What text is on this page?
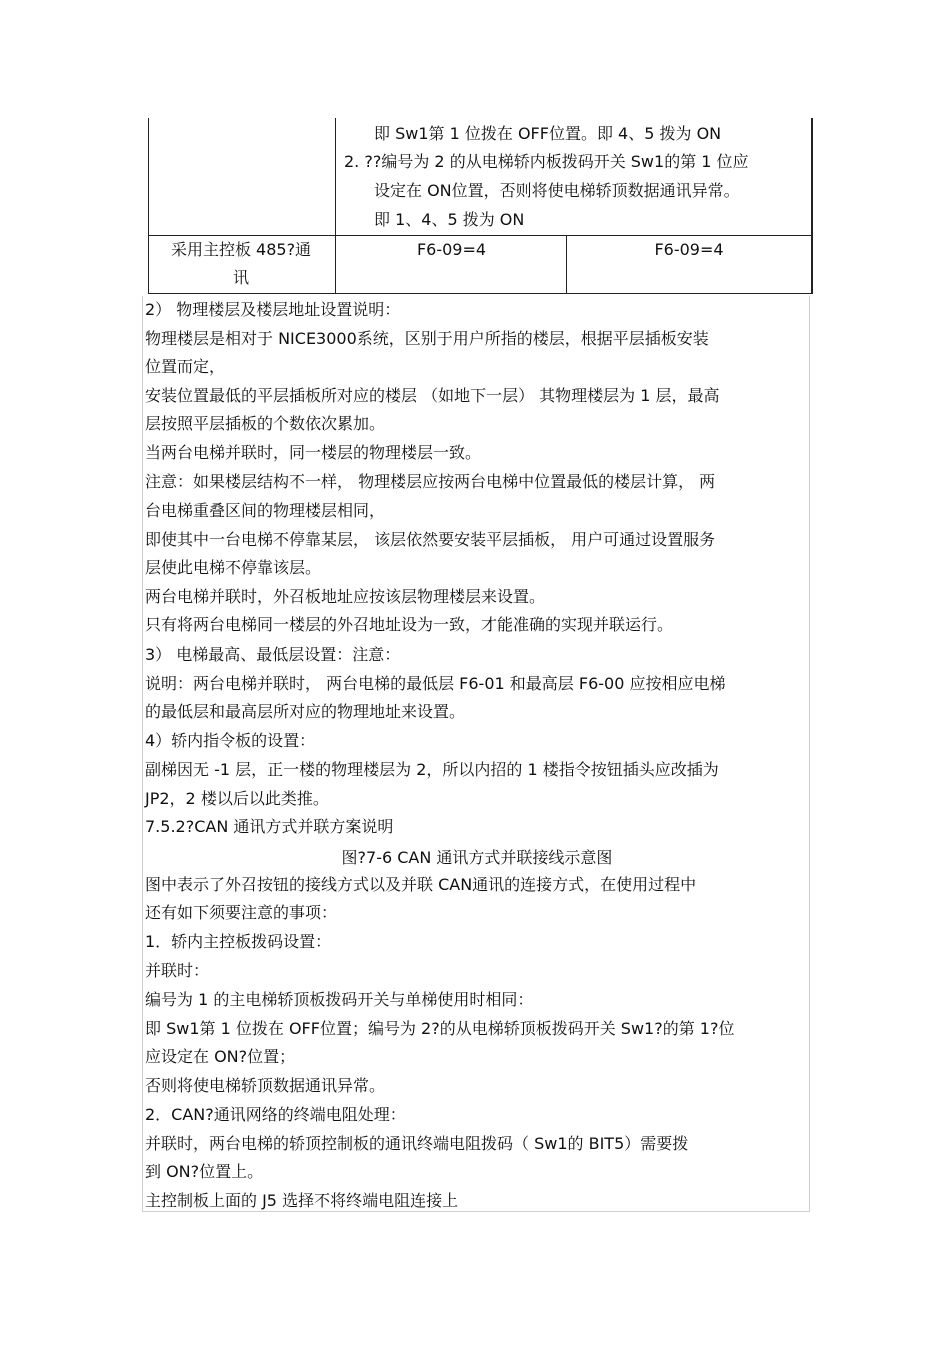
即 Sw1第 1 位拨在 OFF位置。即 4、5 拨为 ON
2. ??编号为 2 的从电梯轿内板拨码开关 Sw1的第 1 位应
设定在 ON位置，否则将使电梯轿顶数据通讯异常。
即 1、4、5 拨为 ON
采用主控板 485?通
讯
F6-09=4	F6-09=4
2） 物理楼层及楼层地址设置说明：
物理楼层是相对于 NICE3000系统，区别于用户所指的楼层，根据平层插板安装
位置而定，
安装位置最低的平层插板所对应的楼层 （如地下一层） 其物理楼层为 1 层，最高
层按照平层插板的个数依次累加。
当两台电梯并联时，同一楼层的物理楼层一致。
注意：如果楼层结构不一样， 物理楼层应按两台电梯中位置最低的楼层计算， 两
台电梯重叠区间的物理楼层相同，
即使其中一台电梯不停靠某层， 该层依然要安装平层插板， 用户可通过设置服务
层使此电梯不停靠该层。
两台电梯并联时，外召板地址应按该层物理楼层来设置。
只有将两台电梯同一楼层的外召地址设为一致，才能准确的实现并联运行。
3） 电梯最高、最低层设置：注意：
说明：两台电梯并联时， 两台电梯的最低层 F6-01 和最高层 F6-00 应按相应电梯
的最低层和最高层所对应的物理地址来设置。
4）轿内指令板的设置：
副梯因无 -1 层，正一楼的物理楼层为 2，所以内招的 1 楼指令按钮插头应改插为
JP2，2 楼以后以此类推。
7.5.2?CAN 通讯方式并联方案说明
图?7-6 CAN 通讯方式并联接线示意图
图中表示了外召按钮的接线方式以及并联 CAN通讯的连接方式，在使用过程中
还有如下须要注意的事项：
1．轿内主控板拨码设置：
并联时：
编号为 1 的主电梯轿顶板拨码开关与单梯使用时相同：
即 Sw1第 1 位拨在 OFF位置；编号为 2?的从电梯轿顶板拨码开关 Sw1?的第 1?位
应设定在 ON?位置；
否则将使电梯轿顶数据通讯异常。
2．CAN?通讯网络的终端电阻处理：
并联时，两台电梯的轿顶控制板的通讯终端电阻拨码（ Sw1的 BIT5）需要拨
到 ON?位置上。
主控制板上面的 J5 选择不将终端电阻连接上
